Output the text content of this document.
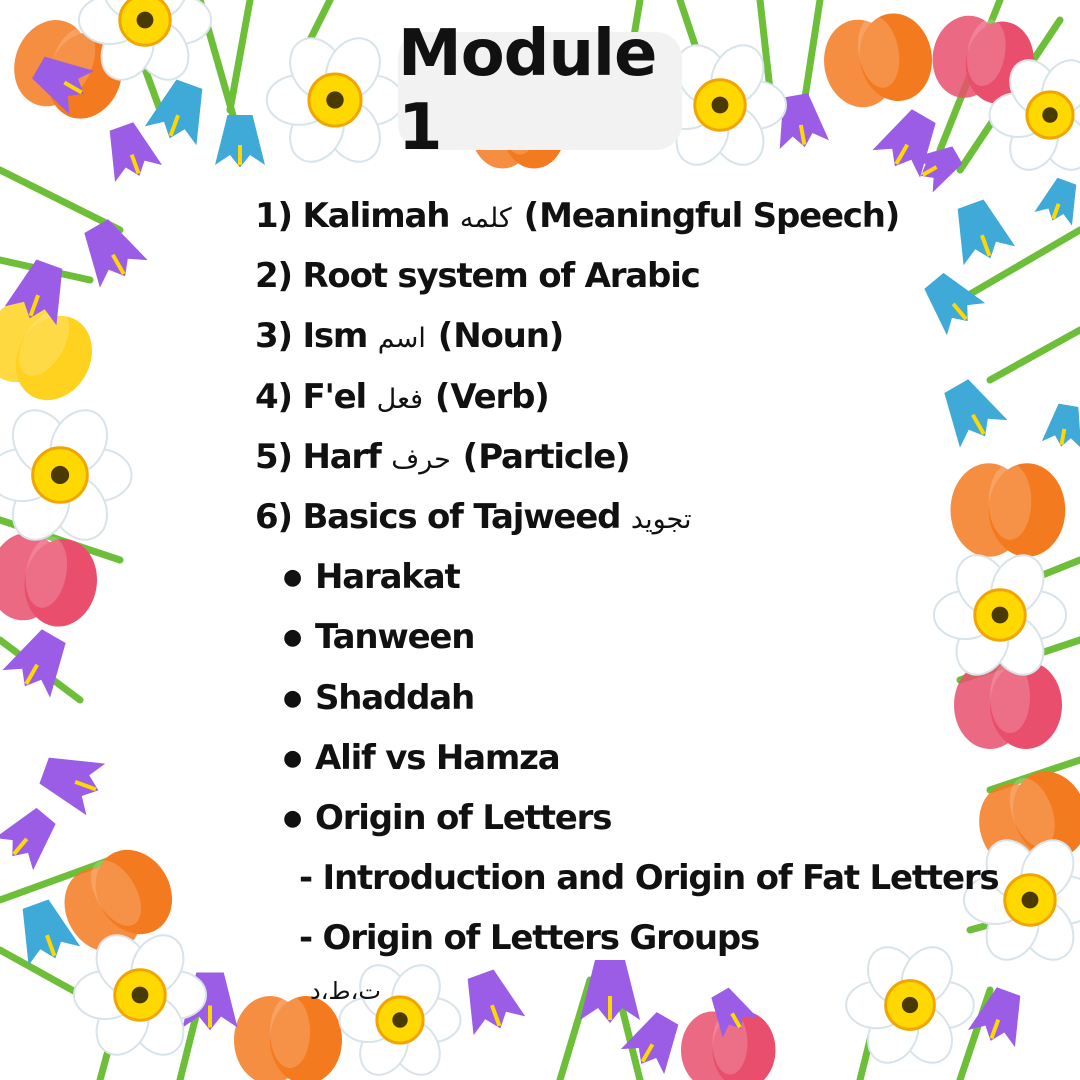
Module 1
1) Kalimah كلمه (Meaningful Speech)
2) Root system of Arabic
3) Ism اسم (Noun)
4) F'el فعل (Verb)
5) Harf حرف (Particle)
6) Basics of Tajweed تجويد
● Harakat
● Tanween
● Shaddah
● Alif vs Hamza
● Origin of Letters
- Introduction and Origin of Fat Letters
- Origin of Letters Groups
ت،ط،د
